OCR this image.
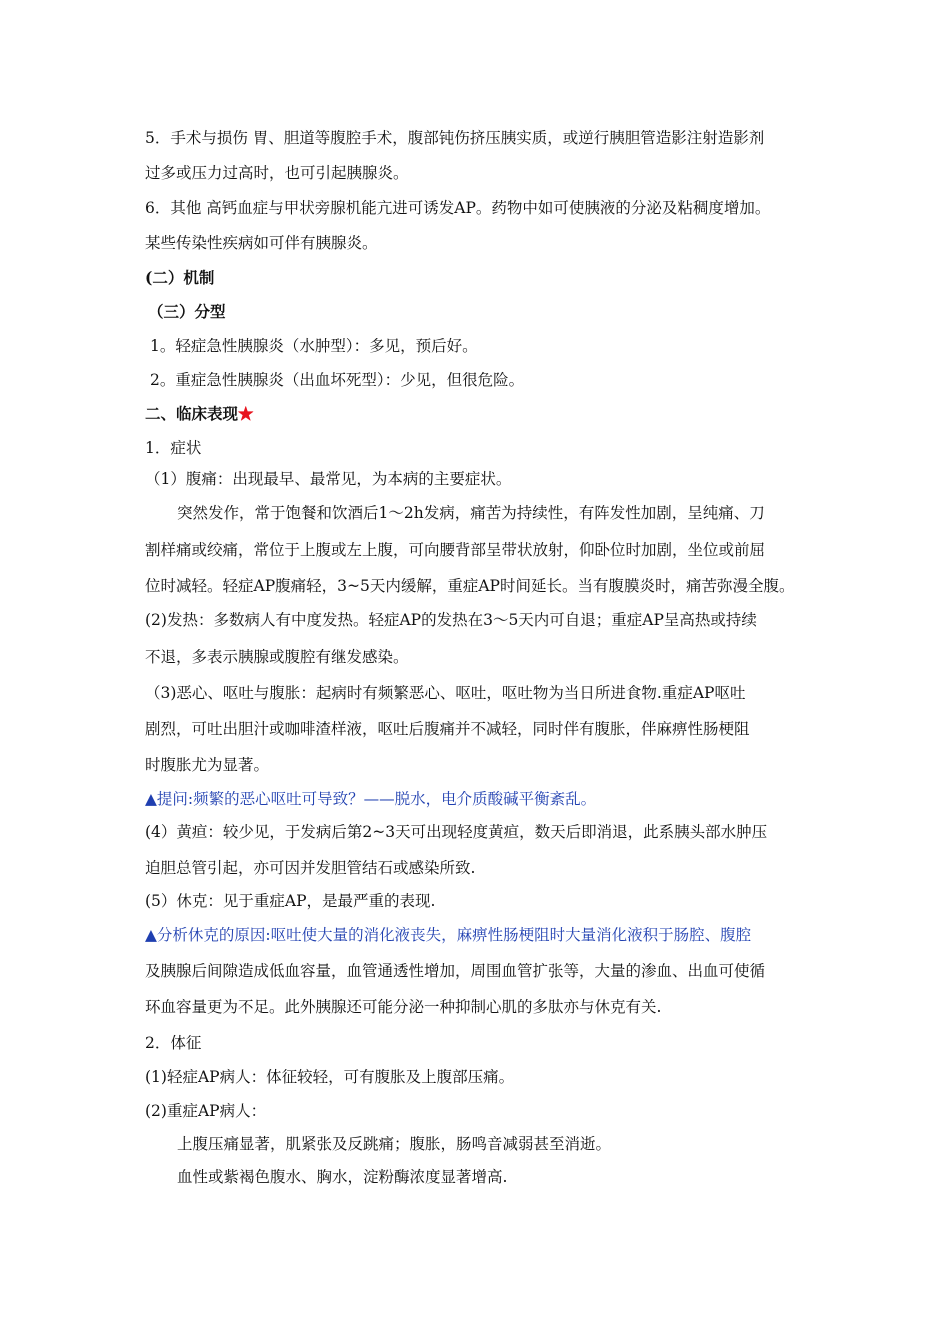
5．手术与损伤 胃、胆道等腹腔手术，腹部钝伤挤压胰实质，或逆行胰胆管造影注射造影剂
过多或压力过高时，也可引起胰腺炎。
6．其他 高钙血症与甲状旁腺机能亢进可诱发AP。药物中如可使胰液的分泌及粘稠度增加。
某些传染性疾病如可伴有胰腺炎。
(二）机制
（三）分型
1。轻症急性胰腺炎（水肿型）：多见，预后好。
2。重症急性胰腺炎（出血坏死型）：少见，但很危险。
二、临床表现★
1．症状
（1）腹痛：出现最早、最常见，为本病的主要症状。
突然发作，常于饱餐和饮酒后1～2h发病，痛苦为持续性，有阵发性加剧，呈纯痛、刀
割样痛或绞痛，常位于上腹或左上腹，可向腰背部呈带状放射，仰卧位时加剧，坐位或前屈
位时减轻。轻症AP腹痛轻，3~5天内缓解，重症AP时间延长。当有腹膜炎时，痛苦弥漫全腹。
(2)发热：多数病人有中度发热。轻症AP的发热在3～5天内可自退；重症AP呈高热或持续
不退，多表示胰腺或腹腔有继发感染。
（3)恶心、呕吐与腹胀：起病时有频繁恶心、呕吐，呕吐物为当日所进食物.重症AP呕吐
剧烈，可吐出胆汁或咖啡渣样液，呕吐后腹痛并不减轻，同时伴有腹胀，伴麻痹性肠梗阻
时腹胀尤为显著。
▲提问:频繁的恶心呕吐可导致？——脱水，电介质酸碱平衡紊乱。
(4）黄疸：较少见，于发病后第2~3天可出现轻度黄疸，数天后即消退，此系胰头部水肿压
迫胆总管引起，亦可因并发胆管结石或感染所致.
(5）休克：见于重症AP，是最严重的表现.
▲分析休克的原因:呕吐使大量的消化液丧失，麻痹性肠梗阻时大量消化液积于肠腔、腹腔
及胰腺后间隙造成低血容量，血管通透性增加，周围血管扩张等，大量的渗血、出血可使循
环血容量更为不足。此外胰腺还可能分泌一种抑制心肌的多肽亦与休克有关.
2．体征
(1)轻症AP病人：体征较轻，可有腹胀及上腹部压痛。
(2)重症AP病人：
上腹压痛显著，肌紧张及反跳痛；腹胀，肠鸣音减弱甚至消逝。
血性或紫褐色腹水、胸水，淀粉酶浓度显著增高.
